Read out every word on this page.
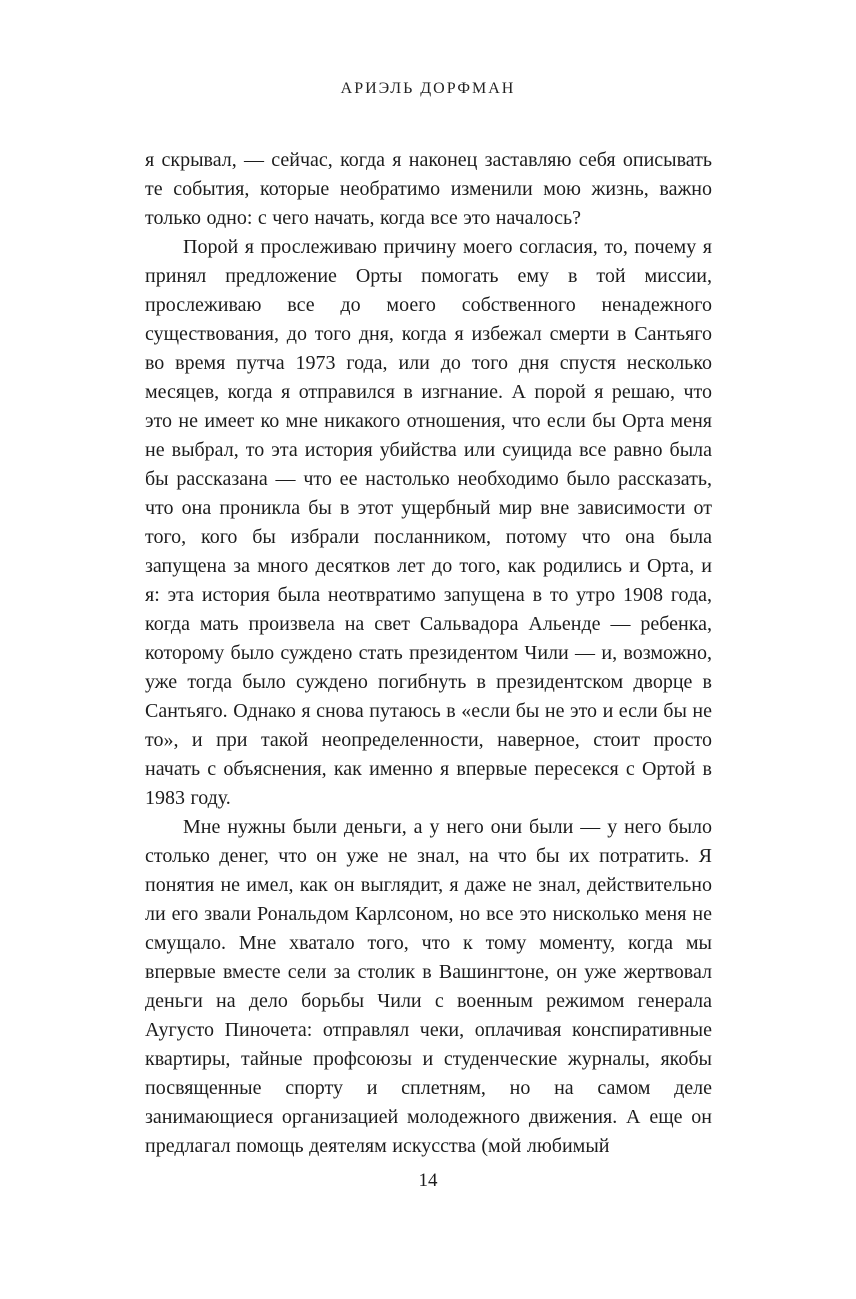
АРИЭЛЬ ДОРФМАН

я скрывал, — сейчас, когда я наконец заставляю себя описывать те события, которые необратимо изменили мою жизнь, важно только одно: с чего начать, когда все это началось?

Порой я прослеживаю причину моего согласия, то, почему я принял предложение Орты помогать ему в той миссии, прослеживаю все до моего собственного ненадежного существования, до того дня, когда я избежал смерти в Сантьяго во время путча 1973 года, или до того дня спустя несколько месяцев, когда я отправился в изгнание. А порой я решаю, что это не имеет ко мне никакого отношения, что если бы Орта меня не выбрал, то эта история убийства или суицида все равно была бы рассказана — что ее настолько необходимо было рассказать, что она проникла бы в этот ущербный мир вне зависимости от того, кого бы избрали посланником, потому что она была запущена за много десятков лет до того, как родились и Орта, и я: эта история была неотвратимо запущена в то утро 1908 года, когда мать произвела на свет Сальвадора Альенде — ребенка, которому было суждено стать президентом Чили — и, возможно, уже тогда было суждено погибнуть в президентском дворце в Сантьяго. Однако я снова путаюсь в «если бы не это и если бы не то», и при такой неопределенности, наверное, стоит просто начать с объяснения, как именно я впервые пересекся с Ортой в 1983 году.

Мне нужны были деньги, а у него они были — у него было столько денег, что он уже не знал, на что бы их потратить. Я понятия не имел, как он выглядит, я даже не знал, действительно ли его звали Рональдом Карлсоном, но все это нисколько меня не смущало. Мне хватало того, что к тому моменту, когда мы впервые вместе сели за столик в Вашингтоне, он уже жертвовал деньги на дело борьбы Чили с военным режимом генерала Аугусто Пиночета: отправлял чеки, оплачивая конспиративные квартиры, тайные профсоюзы и студенческие журналы, якобы посвященные спорту и сплетням, но на самом деле занимающиеся организацией молодежного движения. А еще он предлагал помощь деятелям искусства (мой любимый

14
